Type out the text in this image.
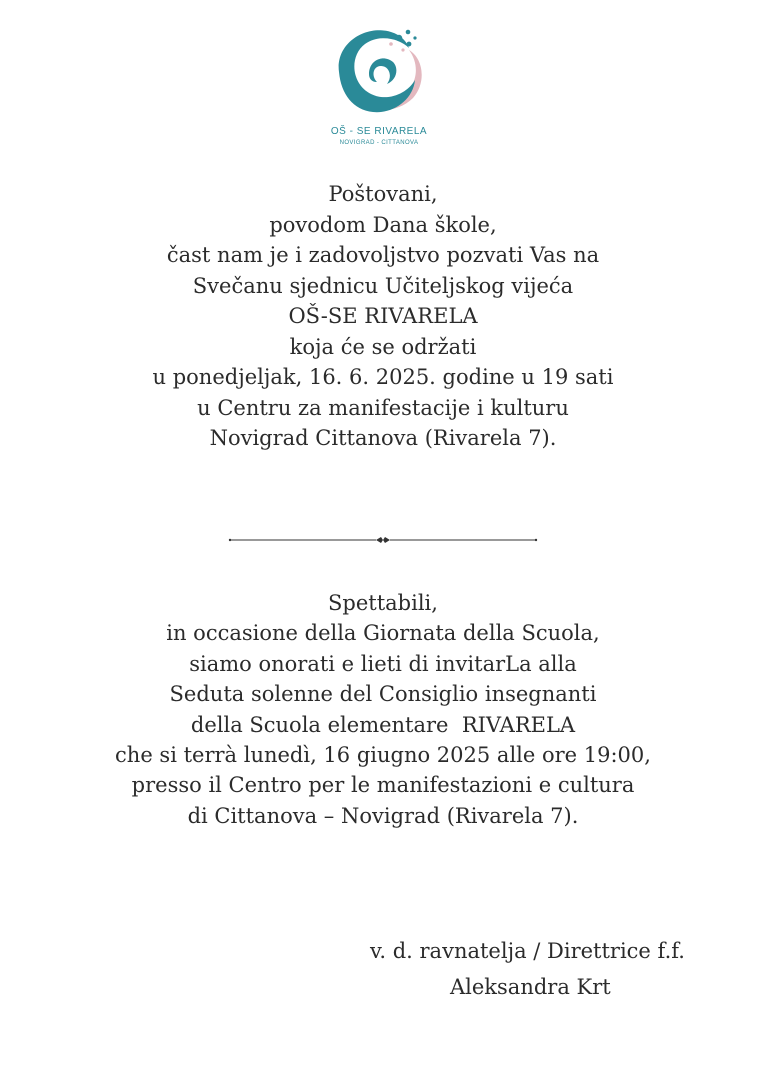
OŠ - SE RIVARELA
NOVIGRAD - CITTANOVA
Poštovani,
povodom Dana škole,
čast nam je i zadovoljstvo pozvati Vas na
Svečanu sjednicu Učiteljskog vijeća
OŠ-SE RIVARELA
koja će se održati
u ponedjeljak, 16. 6. 2025. godine u 19 sati
u Centru za manifestacije i kulturu
Novigrad Cittanova (Rivarela 7).
Spettabili,
in occasione della Giornata della Scuola,
siamo onorati e lieti di invitarLa alla
Seduta solenne del Consiglio insegnanti
della Scuola elementare  RIVARELA
che si terrà lunedì, 16 giugno 2025 alle ore 19:00,
presso il Centro per le manifestazioni e cultura
di Cittanova – Novigrad (Rivarela 7).
v. d. ravnatelja / Direttrice f.f.
Aleksandra Krt
